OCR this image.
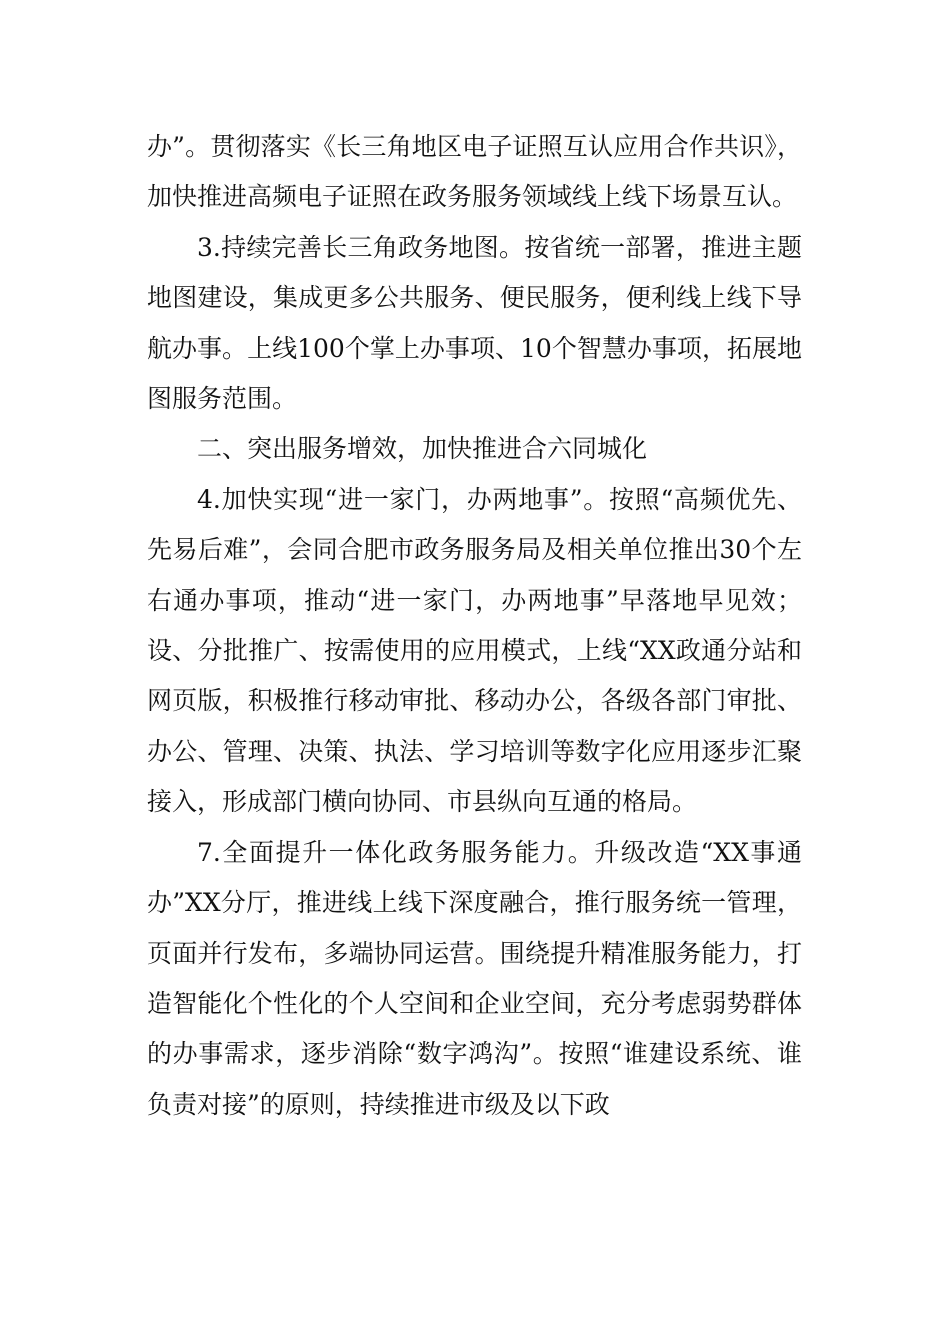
办”。贯彻落实《长三角地区电子证照互认应用合作共识》，加快推进高频电子证照在政务服务领域线上线下场景互认。

3.持续完善长三角政务地图。按省统一部署，推进主题地图建设，集成更多公共服务、便民服务，便利线上线下导航办事。上线100个掌上办事项、10个智慧办事项，拓展地图服务范围。

二、突出服务增效，加快推进合六同城化

4.加快实现“进一家门，办两地事”。按照“高频优先、先易后难”，会同合肥市政务服务局及相关单位推出30个左右通办事项，推动“进一家门，办两地事”早落地早见效；设、分批推广、按需使用的应用模式，上线“XX政通分站和网页版，积极推行移动审批、移动办公，各级各部门审批、办公、管理、决策、执法、学习培训等数字化应用逐步汇聚接入，形成部门横向协同、市县纵向互通的格局。

7.全面提升一体化政务服务能力。升级改造“XX事通办”XX分厅，推进线上线下深度融合，推行服务统一管理，页面并行发布，多端协同运营。围绕提升精准服务能力，打造智能化个性化的个人空间和企业空间，充分考虑弱势群体的办事需求，逐步消除“数字鸿沟”。按照“谁建设系统、谁负责对接”的原则，持续推进市级及以下政
